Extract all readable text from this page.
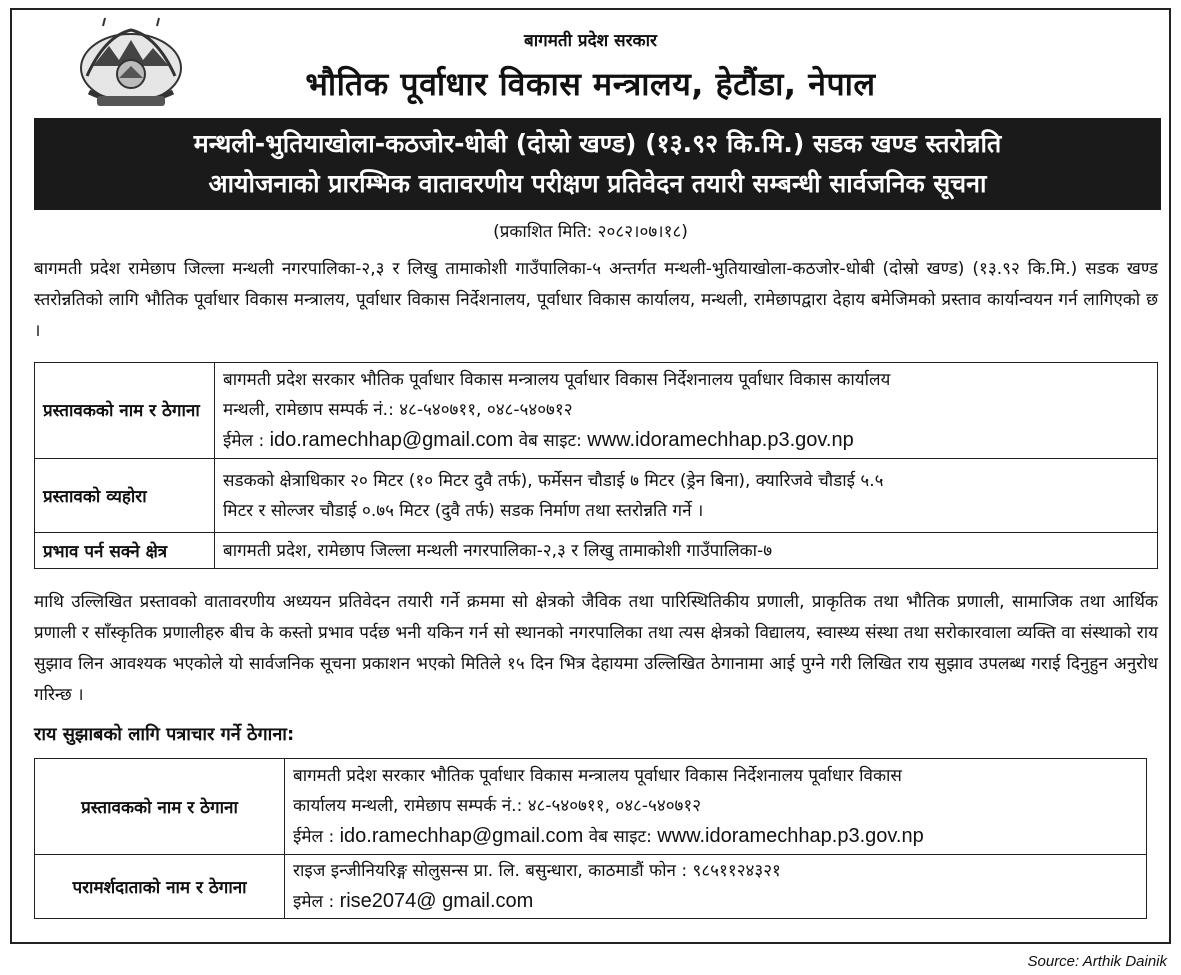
बागमती प्रदेश सरकार
भौतिक पूर्वाधार विकास मन्त्रालय, हेटौंडा, नेपाल
मन्थली-भुतियाखोला-कठजोर-धोबी (दोस्रो खण्ड) (१३.९२ कि.मि.) सडक खण्ड स्तरोन्नति
आयोजनाको प्रारम्भिक वातावरणीय परीक्षण प्रतिवेदन तयारी सम्बन्धी सार्वजनिक सूचना
(प्रकाशित मिति: २०८२।०७।१८)
बागमती प्रदेश रामेछाप जिल्ला मन्थली नगरपालिका-२,३ र लिखु तामाकोशी गाउँपालिका-५ अन्तर्गत मन्थली-भुतियाखोला-कठजोर-धोबी (दोस्रो खण्ड) (१३.९२ कि.मि.) सडक खण्ड स्तरोन्नतिको लागि भौतिक पूर्वाधार विकास मन्त्रालय, पूर्वाधार विकास निर्देशनालय, पूर्वाधार विकास कार्यालय, मन्थली, रामेछापद्वारा देहाय बमेजिमको प्रस्ताव कार्यान्वयन गर्न लागिएको छ ।
प्रस्तावकको नाम र ठेगाना	बागमती प्रदेश सरकार भौतिक पूर्वाधार विकास मन्त्रालय पूर्वाधार विकास निर्देशनालय पूर्वाधार विकास कार्यालय
मन्थली, रामेछाप सम्पर्क नं.: ४८-५४०७११, ०४८-५४०७१२
ईमेल : ido.ramechhap@gmail.com वेब साइट: www.idoramechhap.p3.gov.np

प्रस्तावको व्यहोरा	सडकको क्षेत्राधिकार २० मिटर (१० मिटर दुवै तर्फ), फर्मेसन चौडाई ७ मिटर (ड्रेन बिना), क्यारिजवे चौडाई ५.५
मिटर र सोल्जर चौडाई ०.७५ मिटर (दुवै तर्फ) सडक निर्माण तथा स्तरोन्नति गर्ने ।

प्रभाव पर्न सक्ने क्षेत्र	बागमती प्रदेश, रामेछाप जिल्ला मन्थली नगरपालिका-२,३ र लिखु तामाकोशी गाउँपालिका-७
माथि उल्लिखित प्रस्तावको वातावरणीय अध्ययन प्रतिवेदन तयारी गर्ने क्रममा सो क्षेत्रको जैविक तथा पारिस्थितिकीय प्रणाली, प्राकृतिक तथा भौतिक प्रणाली, सामाजिक तथा आर्थिक प्रणाली र साँस्कृतिक प्रणालीहरु बीच के कस्तो प्रभाव पर्दछ भनी यकिन गर्न सो स्थानको नगरपालिका तथा त्यस क्षेत्रको विद्यालय, स्वास्थ्य संस्था तथा सरोकारवाला व्यक्ति वा संस्थाको राय सुझाव लिन आवश्यक भएकोले यो सार्वजनिक सूचना प्रकाशन भएको मितिले १५ दिन भित्र देहायमा उल्लिखित ठेगानामा आई पुग्ने गरी लिखित राय सुझाव उपलब्ध गराई दिनुहुन अनुरोध गरिन्छ ।
राय सुझाबको लागि पत्राचार गर्ने ठेगाना:
प्रस्तावकको नाम र ठेगाना	बागमती प्रदेश सरकार भौतिक पूर्वाधार विकास मन्त्रालय पूर्वाधार विकास निर्देशनालय पूर्वाधार विकास
कार्यालय मन्थली, रामेछाप सम्पर्क नं.: ४८-५४०७११, ०४८-५४०७१२
ईमेल : ido.ramechhap@gmail.com वेब साइट: www.idoramechhap.p3.gov.np

परामर्शदाताको नाम र ठेगाना	राइज इन्जीनियरिङ्ग सोलुसन्स प्रा. लि. बसुन्धारा, काठमाडौं फोन : ९८५११२४३२१
इमेल : rise2074@ gmail.com
Source: Arthik Dainik
